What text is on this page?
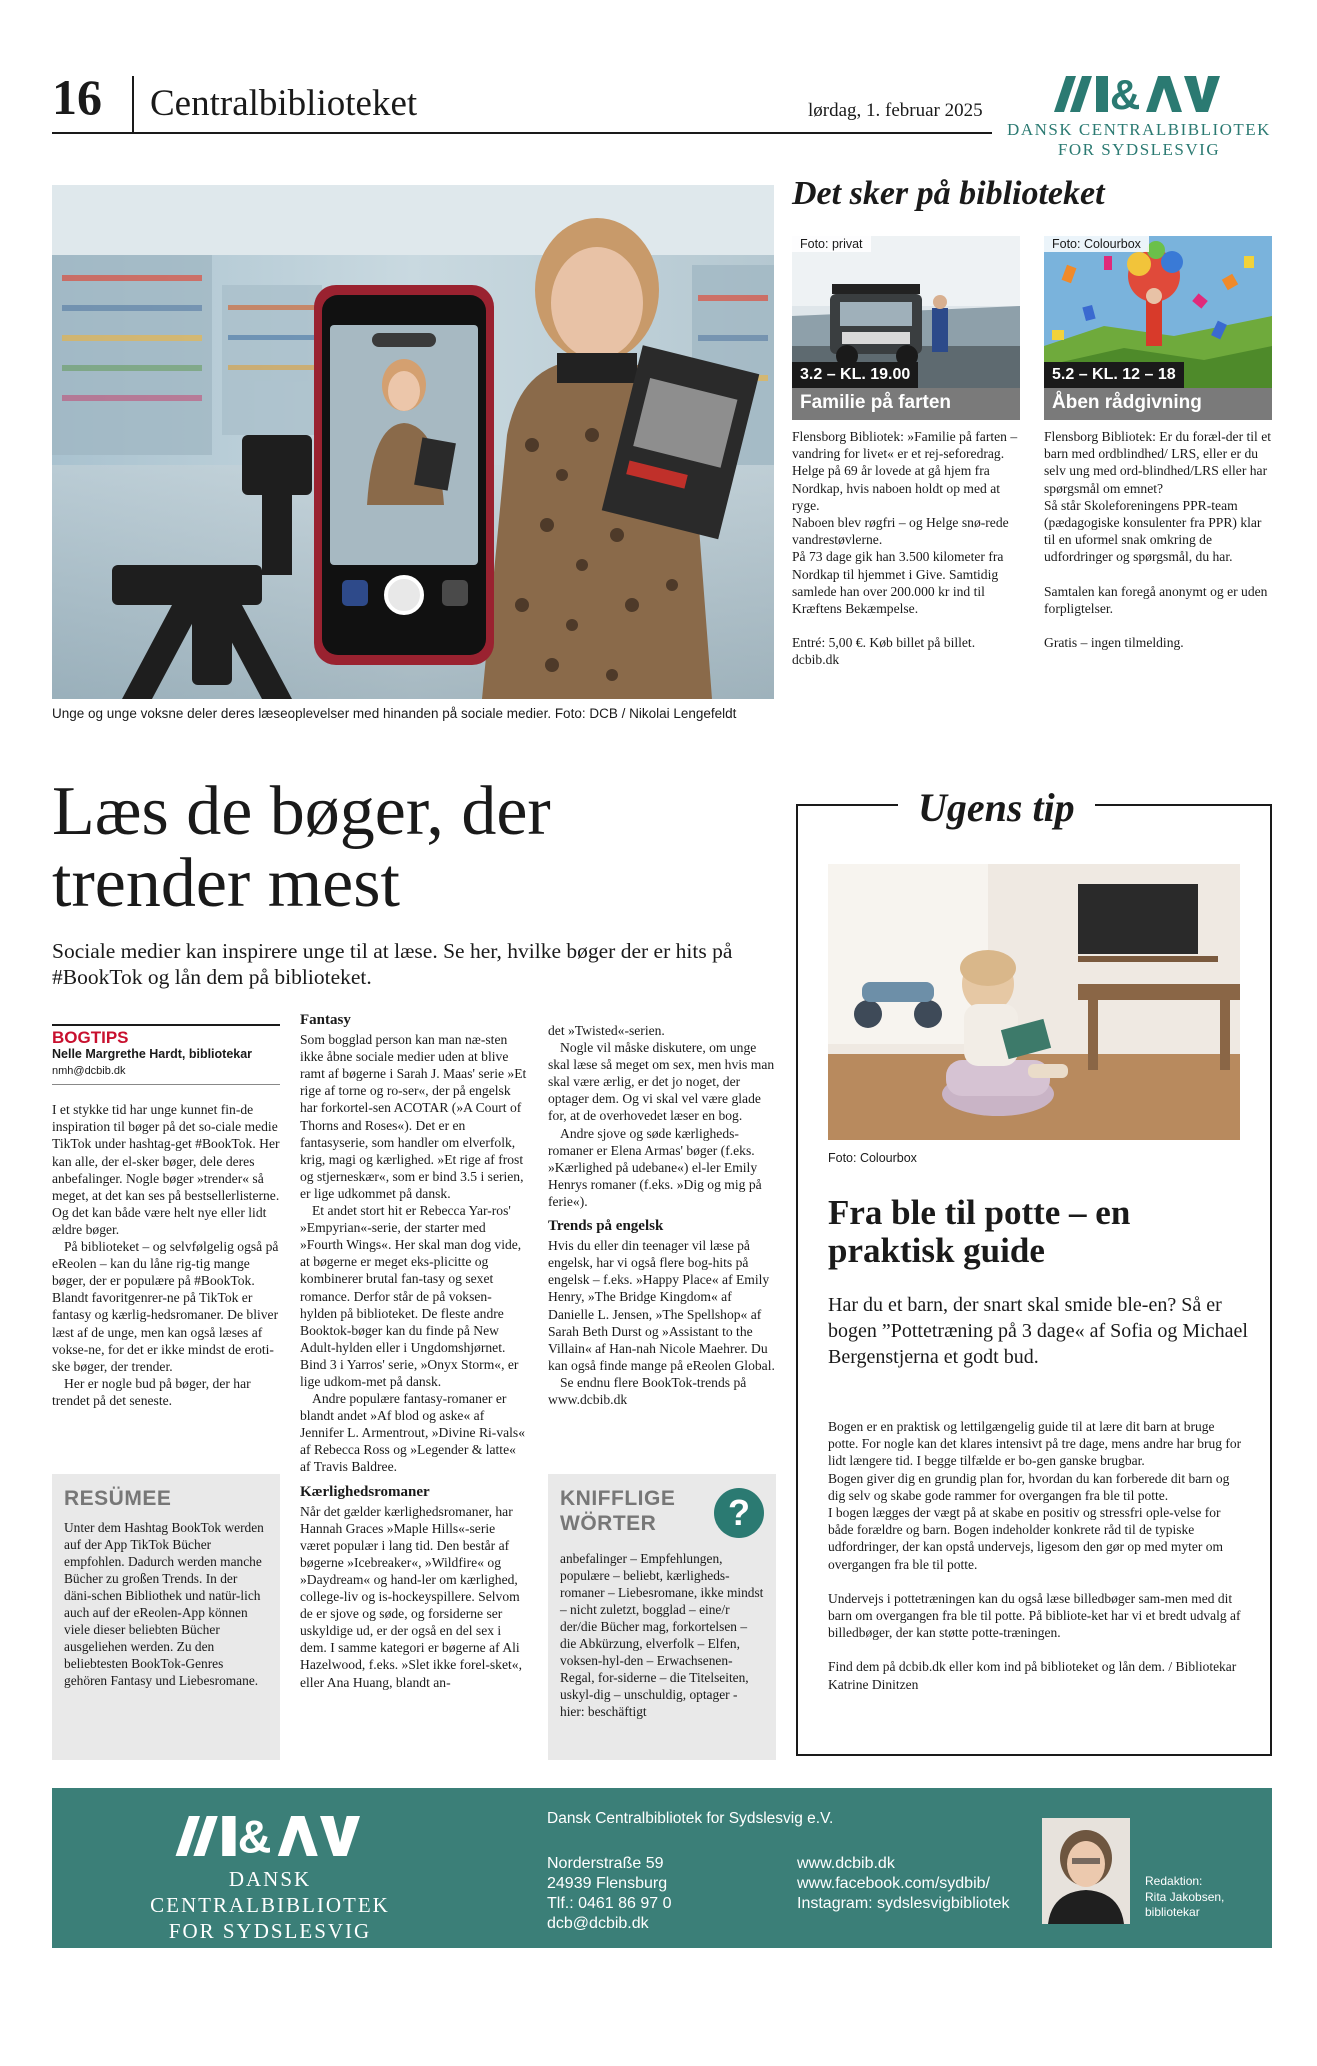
16 Centralbiblioteket	lørdag, 1. februar 2025	&
DANSK CENTRALBIBLIOTEK
FOR SYDSLESVIG
Unge og unge voksne deler deres læseoplevelser med hinanden på sociale medier. Foto: DCB / Nikolai Lengefeldt
Det sker på biblioteket
Foto: privat
3.2 – KL. 19.00
Familie på farten
Flensborg Bibliotek: »Familie på farten – vandring for livet« er et rej-seforedrag.
Helge på 69 år lovede at gå hjem fra Nordkap, hvis naboen holdt op med at ryge.
Naboen blev røgfri – og Helge snø-rede vandrestøvlerne.
På 73 dage gik han 3.500 kilometer fra Nordkap til hjemmet i Give. Samtidig samlede han over 200.000 kr ind til Kræftens Bekæmpelse.
Entré: 5,00 €. Køb billet på billet. dcbib.dk
Foto: Colourbox
5.2 – KL. 12 – 18
Åben rådgivning
Flensborg Bibliotek: Er du foræl-der til et barn med ordblindhed/ LRS, eller er du selv ung med ord-blindhed/LRS eller har spørgsmål om emnet?
Så står Skoleforeningens PPR-team (pædagogiske konsulenter fra PPR) klar til en uformel snak omkring de udfordringer og spørgsmål, du har.
Samtalen kan foregå anonymt og er uden forpligtelser.
Gratis – ingen tilmelding.
Læs de bøger, der
trender mest
Sociale medier kan inspirere unge til at læse. Se her, hvilke bøger der er hits på #BookTok og lån dem på biblioteket.
BOGTIPS
Nelle Margrethe Hardt, bibliotekar
nmh@dcbib.dk

I et stykke tid har unge kunnet fin-de inspiration til bøger på det so-ciale medie TikTok under hashtag-get #BookTok. Her kan alle, der el-sker bøger, dele deres anbefalinger. Nogle bøger »trender« så meget, at det kan ses på bestsellerlisterne. Og det kan både være helt nye eller lidt ældre bøger.

På biblioteket – og selvfølgelig også på eReolen – kan du låne rig-tig mange bøger, der er populære på #BookTok. Blandt favoritgenrer-ne på TikTok er fantasy og kærlig-hedsromaner. De bliver læst af de unge, men kan også læses af vokse-ne, for det er ikke mindst de eroti-ske bøger, der trender.

Her er nogle bud på bøger, der har trendet på det seneste.

RESÜMEE
Unter dem Hashtag BookTok werden auf der App TikTok Bücher empfohlen. Dadurch werden manche Bücher zu großen Trends. In der däni-schen Bibliothek und natür-lich auch auf der eReolen-App können viele dieser beliebten Bücher ausgeliehen werden. Zu den beliebtesten BookTok-Genres gehören Fantasy und Liebesromane.
Fantasy

Som bogglad person kan man næ-sten ikke åbne sociale medier uden at blive ramt af bøgerne i Sarah J. Maas' serie »Et rige af torne og ro-ser«, der på engelsk har forkortel-sen ACOTAR (»A Court of Thorns and Roses«). Det er en fantasyserie, som handler om elverfolk, krig, magi og kærlighed. »Et rige af frost og stjerneskær«, som er bind 3.5 i serien, er lige udkommet på dansk.

Et andet stort hit er Rebecca Yar-ros' »Empyrian«-serie, der starter med »Fourth Wings«. Her skal man dog vide, at bøgerne er meget eks-plicitte og kombinerer brutal fan-tasy og sexet romance. Derfor står de på voksen-hylden på biblioteket. De fleste andre Booktok-bøger kan du finde på New Adult-hylden eller i Ungdomshjørnet. Bind 3 i Yarros' serie, »Onyx Storm«, er lige udkom-met på dansk.

Andre populære fantasy-romaner er blandt andet »Af blod og aske« af Jennifer L. Armentrout, »Divine Ri-vals« af Rebecca Ross og »Legender & latte« af Travis Baldree.

Kærlighedsromaner

Når det gælder kærlighedsromaner, har Hannah Graces »Maple Hills«-serie været populær i lang tid. Den består af bøgerne »Icebreaker«, »Wildfire« og »Daydream« og hand-ler om kærlighed, college-liv og is-hockeyspillere. Selvom de er sjove og søde, og forsiderne ser uskyldige ud, er der også en del sex i dem. I samme kategori er bøgerne af Ali Hazelwood, f.eks. »Slet ikke forel-sket«, eller Ana Huang, blandt an-

det »Twisted«-serien.

Nogle vil måske diskutere, om unge skal læse så meget om sex, men hvis man skal være ærlig, er det jo noget, der optager dem. Og vi skal vel være glade for, at de overhovedet læser en bog.

Andre sjove og søde kærligheds-romaner er Elena Armas' bøger (f.eks. »Kærlighed på udebane«) el-ler Emily Henrys romaner (f.eks. »Dig og mig på ferie«).

Trends på engelsk

Hvis du eller din teenager vil læse på engelsk, har vi også flere bog-hits på engelsk – f.eks. »Happy Place« af Emily Henry, »The Bridge Kingdom« af Danielle L. Jensen, »The Spellshop« af Sarah Beth Durst og »Assistant to the Villain« af Han-nah Nicole Maehrer. Du kan også finde mange på eReolen Global.

Se endnu flere BookTok-trends på www.dcbib.dk

KNIFFLIGE
WÖRTER	?
anbefalinger – Empfehlungen, populære – beliebt, kærligheds-romaner – Liebesromane, ikke mindst – nicht zuletzt, bogglad – eine/r der/die Bücher mag, forkortelsen – die Abkürzung, elverfolk – Elfen, voksen-hyl-den – Erwachsenen-Regal, for-siderne – die Titelseiten, uskyl-dig – unschuldig, optager - hier: beschäftigt
Ugens tip
Foto: Colourbox
Fra ble til potte – en praktisk guide
Har du et barn, der snart skal smide ble-en? Så er bogen ”Pottetræning på 3 dage« af Sofia og Michael Bergenstjerna et godt bud.

Bogen er en praktisk og lettilgængelig guide til at lære dit barn at bruge potte. For nogle kan det klares intensivt på tre dage, mens andre har brug for lidt længere tid. I begge tilfælde er bo-gen ganske brugbar.

Bogen giver dig en grundig plan for, hvordan du kan forberede dit barn og dig selv og skabe gode rammer for overgangen fra ble til potte.

I bogen lægges der vægt på at skabe en positiv og stressfri ople-velse for både forældre og barn. Bogen indeholder konkrete råd til de typiske udfordringer, der kan opstå undervejs, ligesom den gør op med myter om overgangen fra ble til potte.

Undervejs i pottetræningen kan du også læse billedbøger sam-men med dit barn om overgangen fra ble til potte. På bibliote-ket har vi et bredt udvalg af billedbøger, der kan støtte potte-træningen.

Find dem på dcbib.dk eller kom ind på biblioteket og lån dem. / Bibliotekar Katrine Dinitzen

&
DANSK CENTRALBIBLIOTEK
FOR SYDSLESVIG
Dansk Centralbibliotek for Sydslesvig e.V.
Norderstraße 59
24939 Flensburg
Tlf.: 0461 86 97 0
dcb@dcbib.dk
www.dcbib.dk
www.facebook.com/sydbib/
Instagram: sydslesvigbibliotek
Redaktion:
Rita Jakobsen,
bibliotekar
